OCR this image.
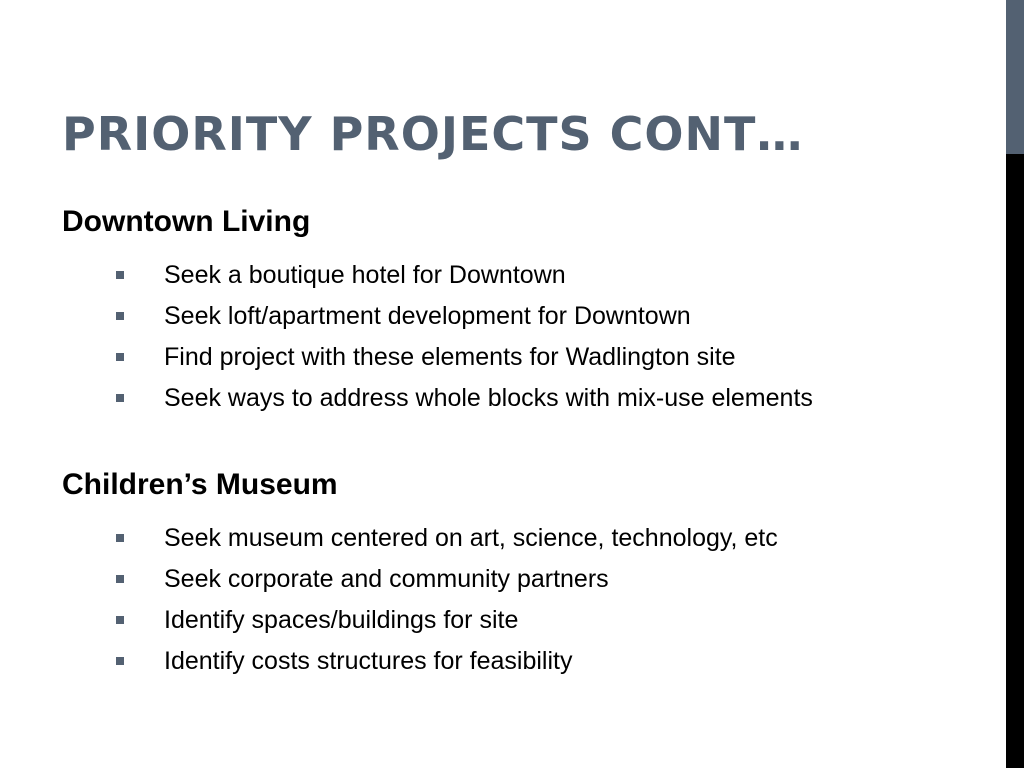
PRIORITY PROJECTS CONT…
Downtown Living
Seek a boutique hotel for Downtown
Seek loft/apartment development for Downtown
Find project with these elements for Wadlington site
Seek ways to address whole blocks with mix-use elements
Children’s Museum
Seek museum centered on art, science, technology, etc
Seek corporate and community partners
Identify spaces/buildings for site
Identify costs structures for feasibility
